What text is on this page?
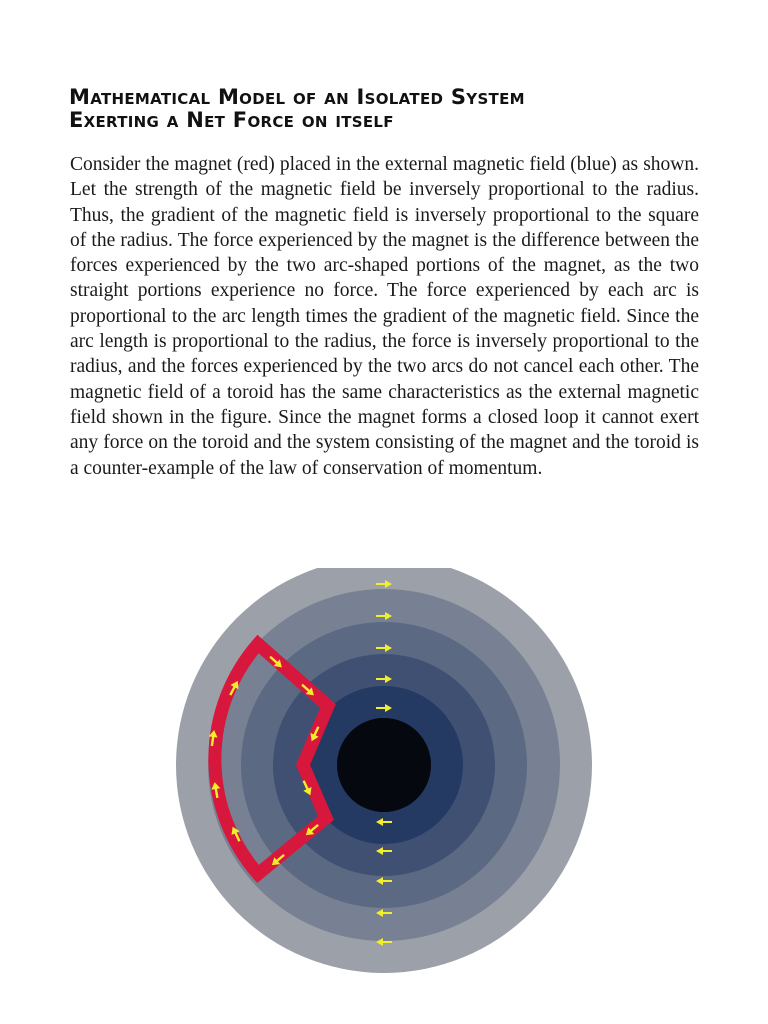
Mathematical Model of an Isolated System
Exerting a Net Force on itself

Consider the magnet (red) placed in the external magnetic field (blue) as shown. Let the strength of the magnetic field be inversely proportional to the radius. Thus, the gradient of the magnetic field is inversely proportional to the square of the radius. The force experienced by the magnet is the difference between the forces experienced by the two arc-shaped portions of the magnet, as the two straight portions experience no force. The force experienced by each arc is proportional to the arc length times the gradient of the magnetic field. Since the arc length is proportional to the radius, the force is inversely proportional to the radius, and the forces experienced by the two arcs do not cancel each other. The magnetic field of a toroid has the same characteristics as the external magnetic field shown in the figure. Since the magnet forms a closed loop it cannot exert any force on the toroid and the system consisting of the magnet and the toroid is a counter-example of the law of conservation of momentum.
